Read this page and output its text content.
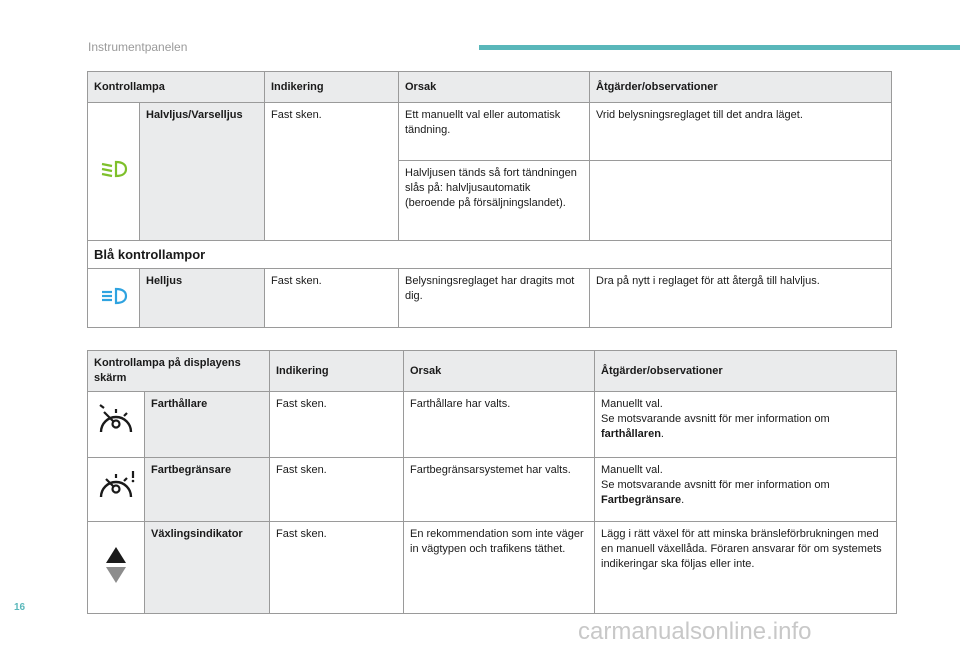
Instrumentpanelen
Kontrollampa		Indikering	Orsak	Åtgärder/observationer
	Halvljus/Varselljus	Fast sken.	Ett manuellt val eller automatisk tändning.	Vrid belysningsreglaget till det andra läget.
			Halvljusen tänds så fort tändningen slås på: halvljusautomatik (beroende på försäljningslandet).	
Blå kontrollampor				
	Helljus	Fast sken.	Belysningsreglaget har dragits mot dig.	Dra på nytt i reglaget för att återgå till halvljus.
Kontrollampa på displayens skärm		Indikering	Orsak	Åtgärder/observationer
	Farthållare	Fast sken.	Farthållare har valts.	Manuellt val.
Se motsvarande avsnitt för mer information om farthållaren.

	Fartbegränsare	Fast sken.	Fartbegränsarsystemet har valts.	Manuellt val.
Se motsvarande avsnitt för mer information om Fartbegränsare.

	Växlingsindikator	Fast sken.	En rekommendation som inte väger in vägtypen och trafikens täthet.	Lägg i rätt växel för att minska bränsleförbrukningen med en manuell växellåda. Föraren ansvarar för om systemets indikeringar ska följas eller inte.
16
carmanualsonline.info
